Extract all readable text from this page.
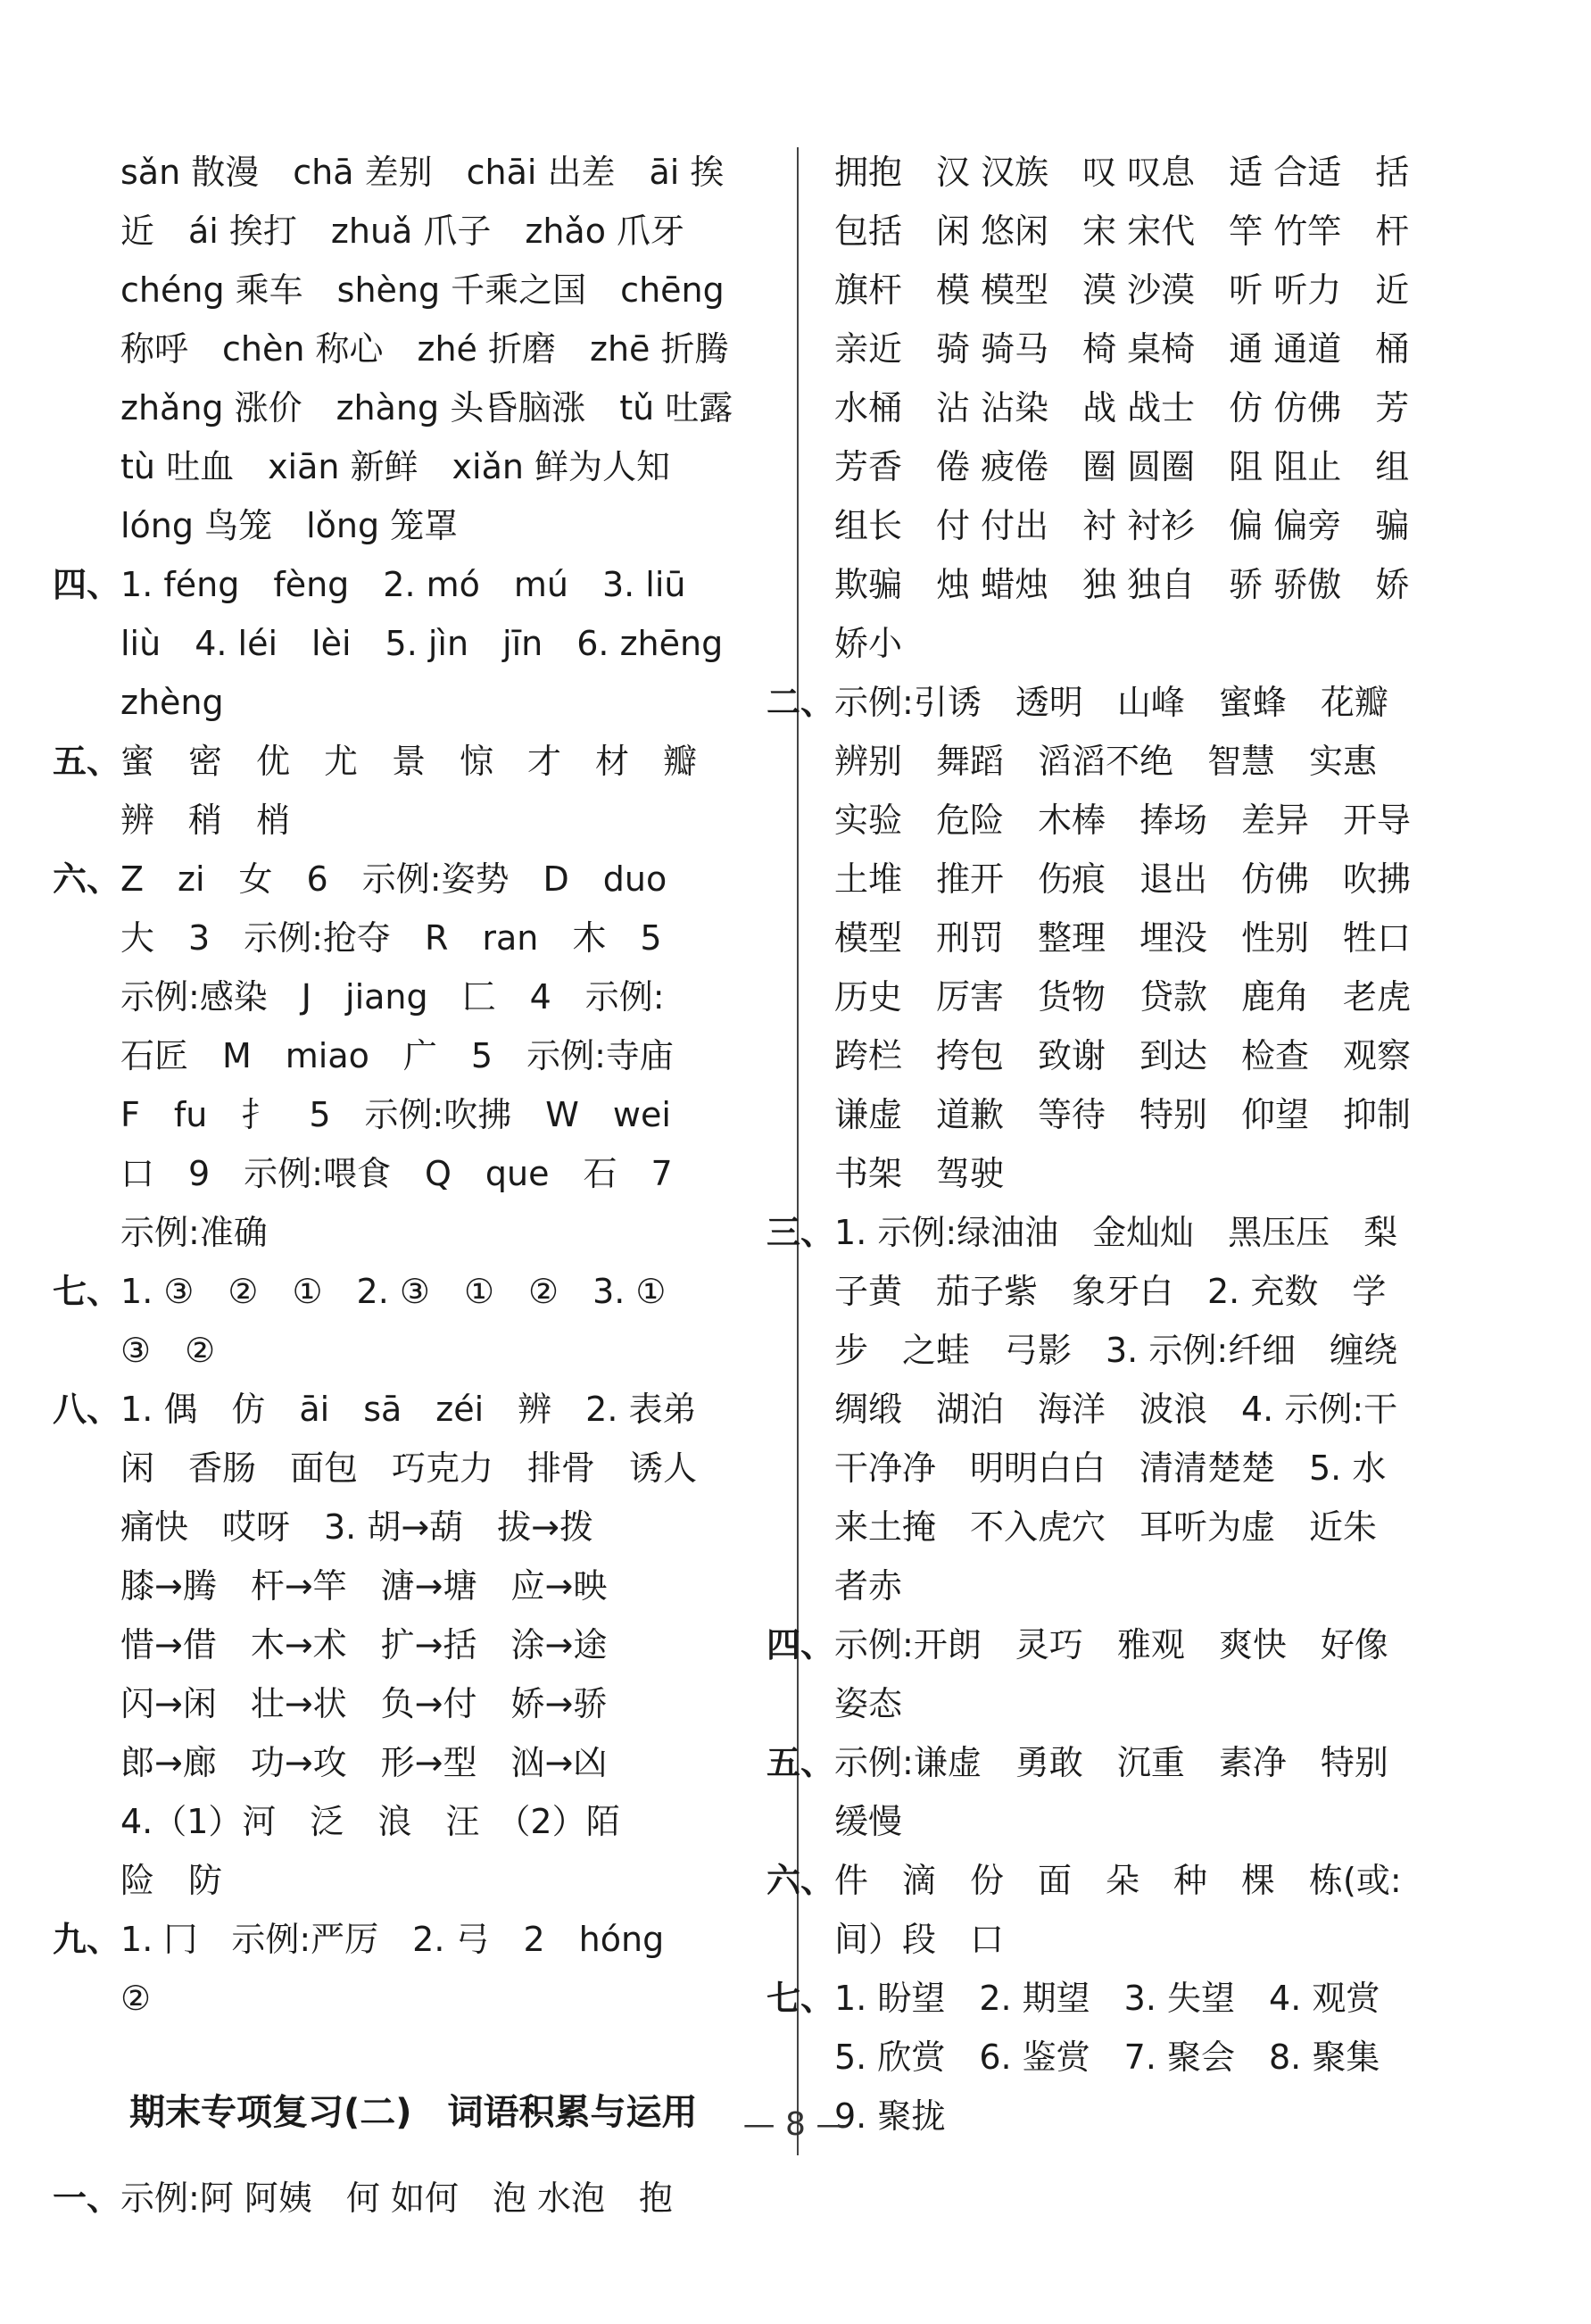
sǎn 散漫　chā 差别　chāi 出差　āi 挨
近　ái 挨打　zhuǎ 爪子　zhǎo 爪牙
chéng 乘车　shèng 千乘之国　chēng
称呼　chèn 称心　zhé 折磨　zhē 折腾
zhǎng 涨价　zhàng 头昏脑涨　tǔ 吐露
tù 吐血　xiān 新鲜　xiǎn 鲜为人知
lóng 鸟笼　lǒng 笼罩
四、1. féng　fèng　2. mó　mú　3. liū
liù　4. léi　lèi　5. jìn　jīn　6. zhēng
zhèng
五、蜜　密　优　尤　景　惊　才　材　瓣
辨　稍　梢
六、Z　zi　女　6　示例:姿势　D　duo
大　3　示例:抢夺　R　ran　木　5
示例:感染　J　jiang　匚　4　示例:
石匠　M　miao　广　5　示例:寺庙
F　fu　扌　5　示例:吹拂　W　wei
口　9　示例:喂食　Q　que　石　7
示例:准确
七、1. ③　②　①　2. ③　①　②　3. ①
③　②
八、1. 偶　仿　āi　sā　zéi　辨　2. 表弟
闲　香肠　面包　巧克力　排骨　诱人
痛快　哎呀　3. 胡→葫　拔→拨
膝→腾　杆→竿　溏→塘　应→映
惜→借　木→术　扩→括　涂→途
闪→闲　壮→状　负→付　娇→骄
郎→廊　功→攻　形→型　汹→凶
4.（1）河　泛　浪　汪　（2）陌
险　防
九、1. 冂　示例:严厉　2. 弓　2　hóng
②
期末专项复习(二)　词语积累与运用
一、示例:阿 阿姨　何 如何　泡 水泡　抱
拥抱　汉 汉族　叹 叹息　适 合适　括
包括　闲 悠闲　宋 宋代　竿 竹竿　杆
旗杆　模 模型　漠 沙漠　听 听力　近
亲近　骑 骑马　椅 桌椅　通 通道　桶
水桶　沾 沾染　战 战士　仿 仿佛　芳
芳香　倦 疲倦　圈 圆圈　阻 阻止　组
组长　付 付出　衬 衬衫　偏 偏旁　骗
欺骗　烛 蜡烛　独 独自　骄 骄傲　娇
娇小
二、示例:引诱　透明　山峰　蜜蜂　花瓣
辨别　舞蹈　滔滔不绝　智慧　实惠
实验　危险　木棒　捧场　差异　开导
土堆　推开　伤痕　退出　仿佛　吹拂
模型　刑罚　整理　埋没　性别　牲口
历史　厉害　货物　贷款　鹿角　老虎
跨栏　挎包　致谢　到达　检查　观察
谦虚　道歉　等待　特别　仰望　抑制
书架　驾驶
三、1. 示例:绿油油　金灿灿　黑压压　梨
子黄　茄子紫　象牙白　2. 充数　学
步　之蛙　弓影　3. 示例:纤细　缠绕
绸缎　湖泊　海洋　波浪　4. 示例:干
干净净　明明白白　清清楚楚　5. 水
来土掩　不入虎穴　耳听为虚　近朱
者赤
四、示例:开朗　灵巧　雅观　爽快　好像
姿态
五、示例:谦虚　勇敢　沉重　素净　特别
缓慢
六、件　滴　份　面　朵　种　棵　栋(或:
间）段　口
七、1. 盼望　2. 期望　3. 失望　4. 观赏
5. 欣赏　6. 鉴赏　7. 聚会　8. 聚集
9. 聚拢
— 8 —
